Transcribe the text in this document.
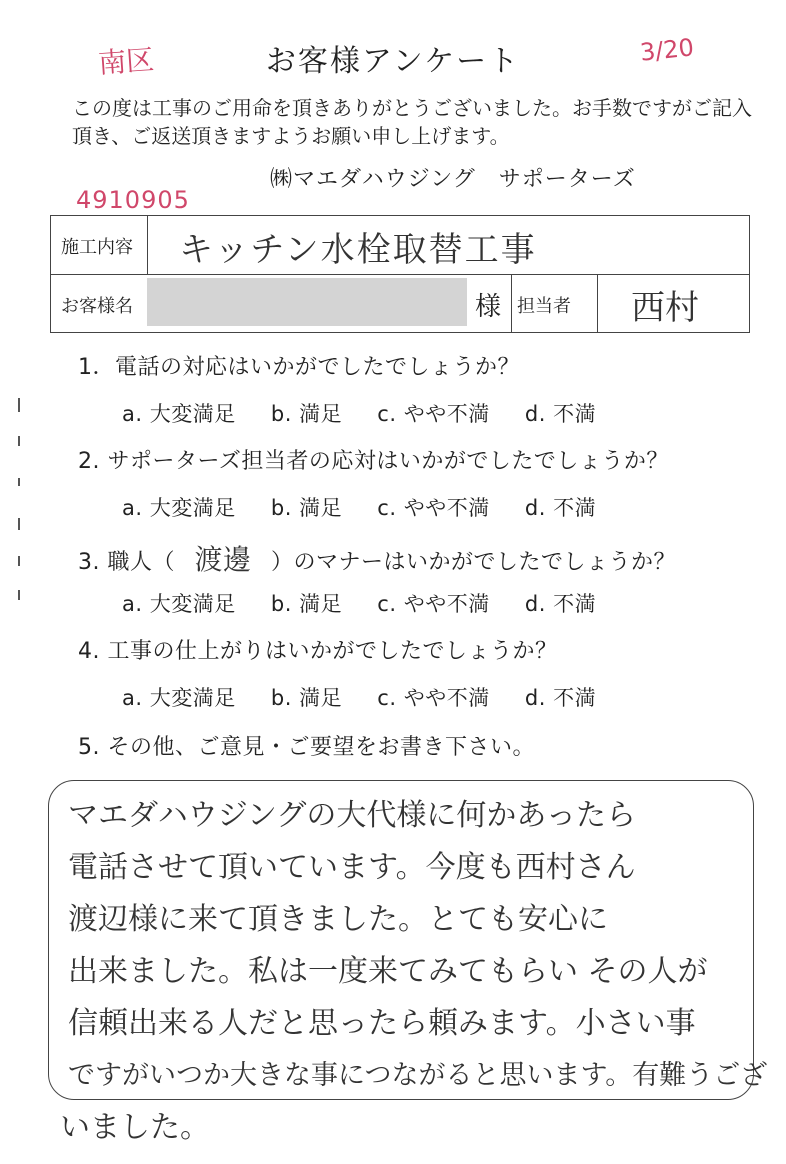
お客様アンケート
南区	3/20
この度は工事のご用命を頂きありがとうございました。お手数ですがご記入頂き、ご返送頂きますようお願い申し上げます。
㈱マエダハウジング　サポーターズ
4910905
施工内容 キッチン水栓取替工事
お客様名	様 担当者 西村
1．電話の対応はいかがでしたでしょうか？
a. 大変満足 b. 満足 c. やや不満 d. 不満
2. サポーターズ担当者の応対はいかがでしたでしょうか？
a. 大変満足 b. 満足 c. やや不満 d. 不満
3. 職人（ 渡邊 ）のマナーはいかがでしたでしょうか？
a. 大変満足 b. 満足 c. やや不満 d. 不満
4. 工事の仕上がりはいかがでしたでしょうか？
a. 大変満足 b. 満足 c. やや不満 d. 不満
5. その他、ご意見・ご要望をお書き下さい。
マエダハウジングの大代様に何かあったら
電話させて頂いています。今度も西村さん
渡辺様に来て頂きました。とても安心に
出来ました。私は一度来てみてもらい その人が
信頼出来る人だと思ったら頼みます。小さい事
ですがいつか大きな事につながると思います。有難うござ
いました。
